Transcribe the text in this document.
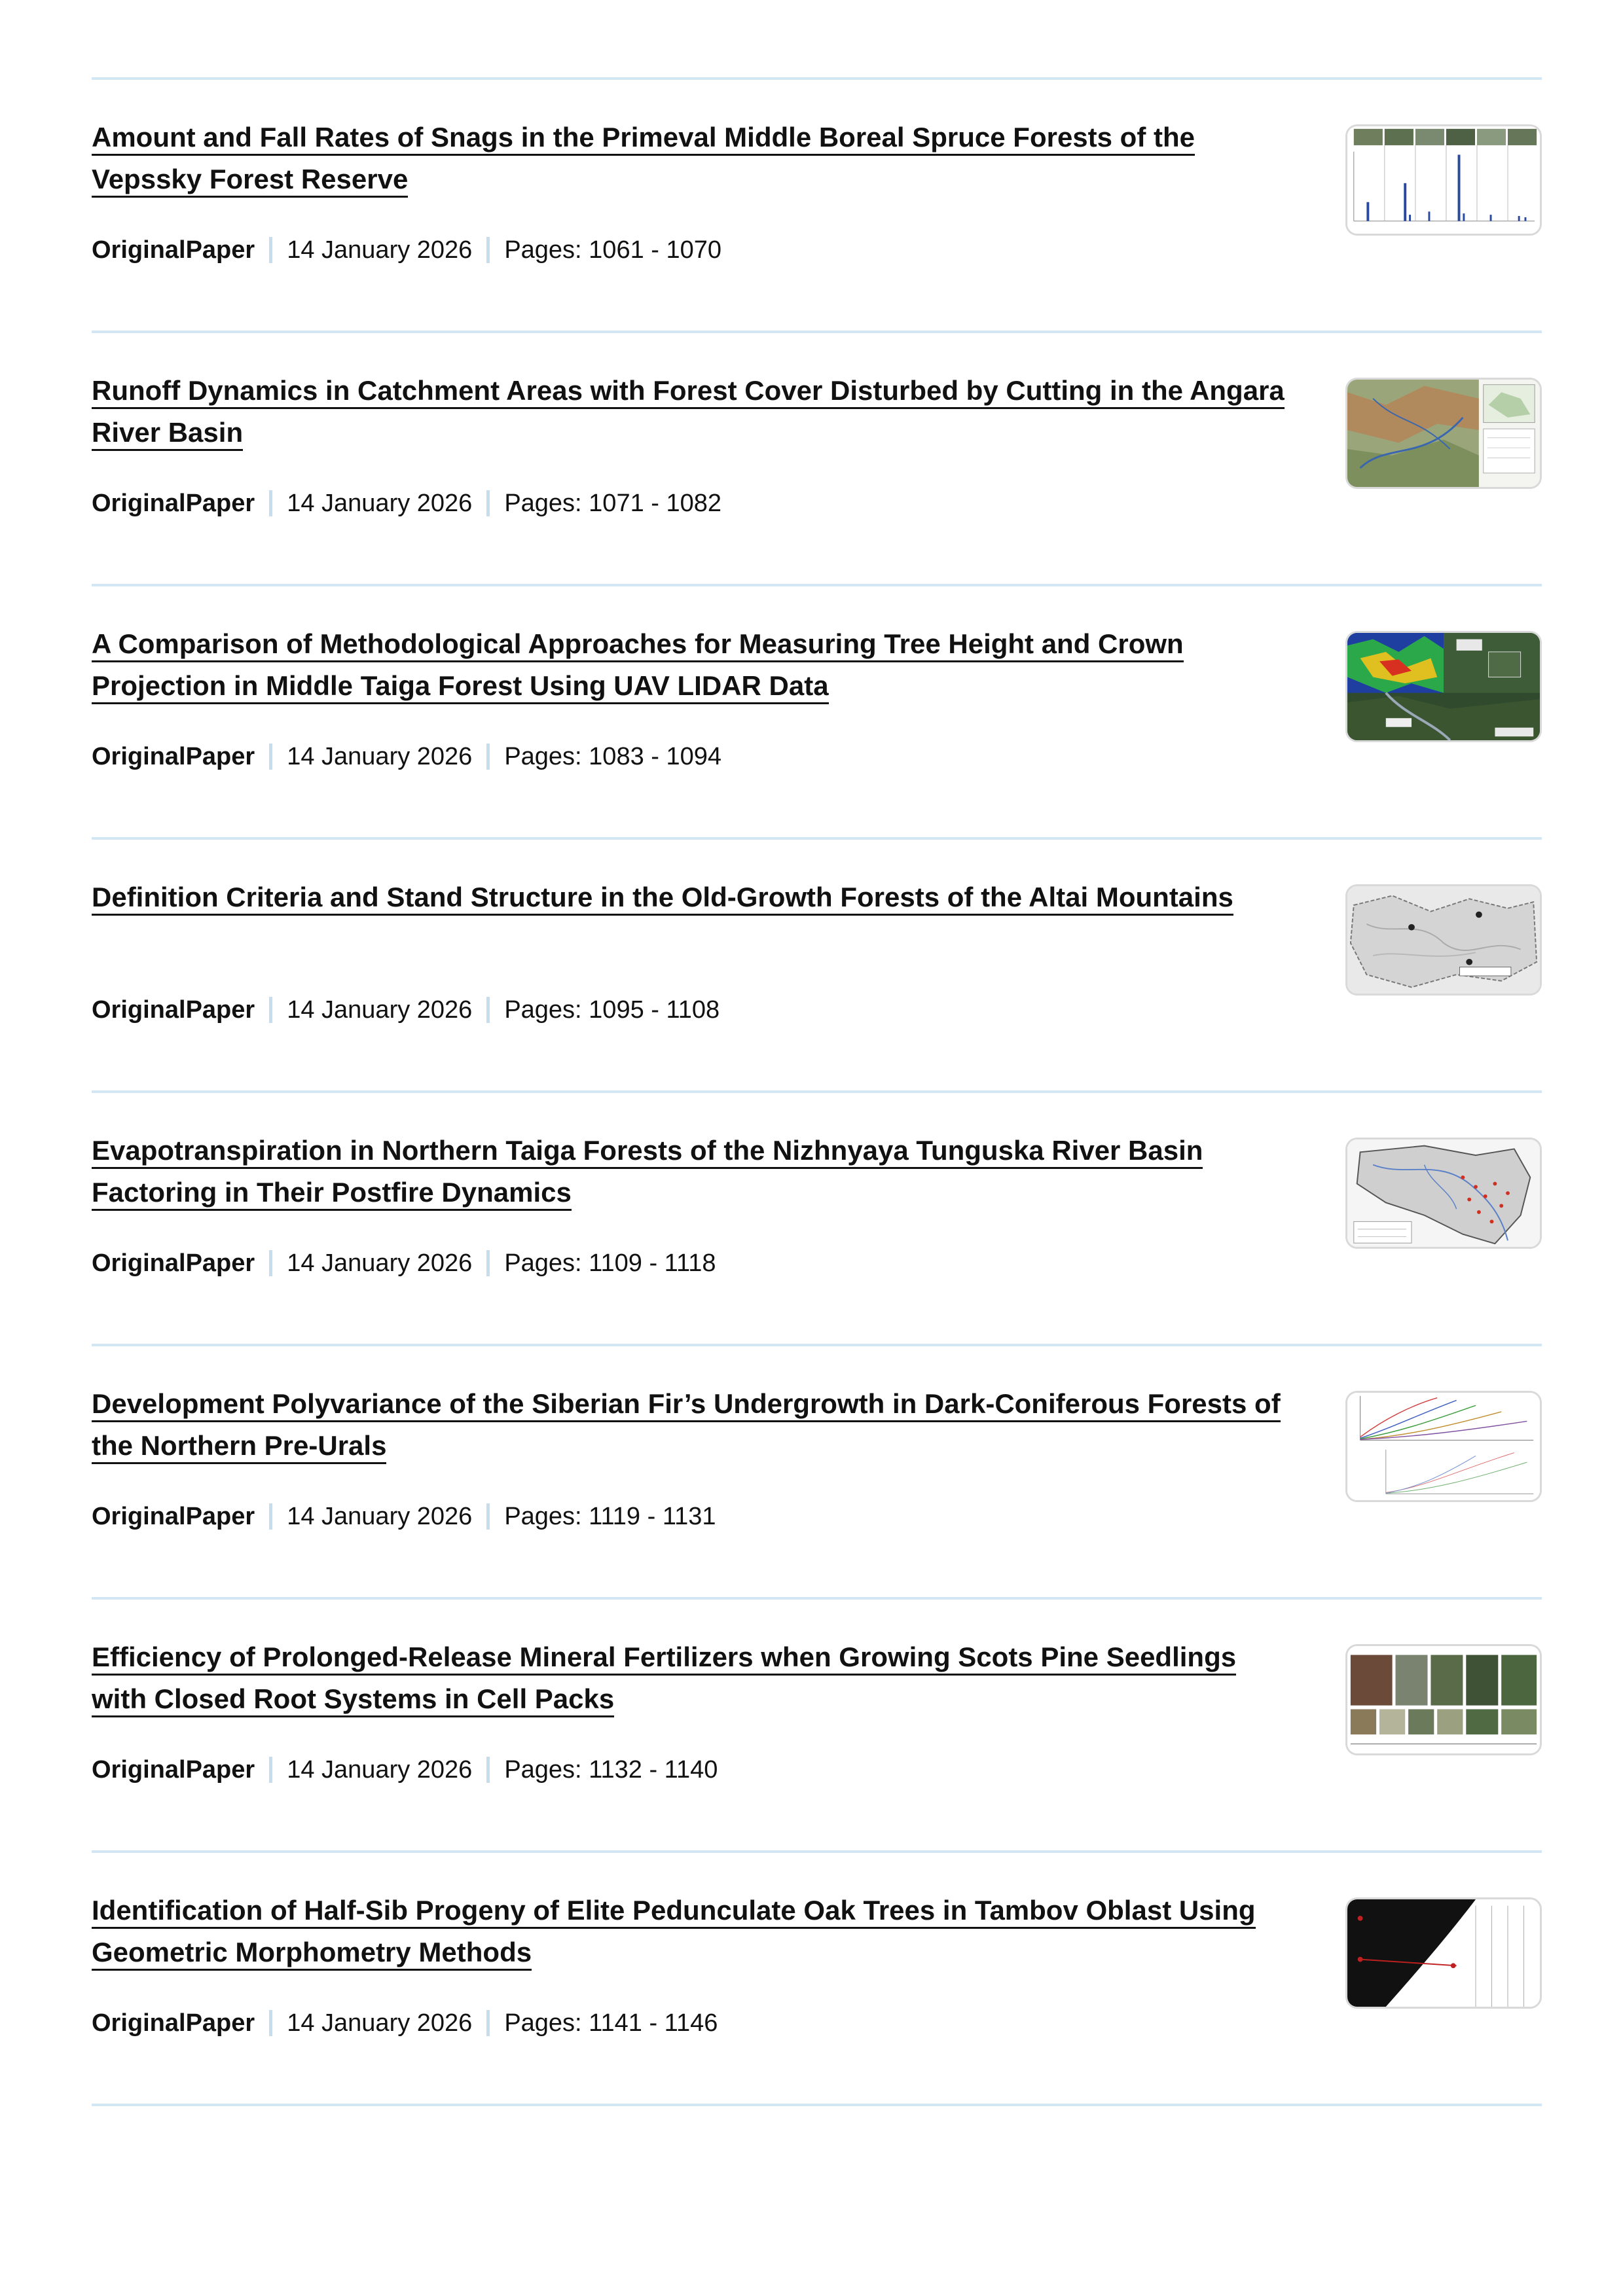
Amount and Fall Rates of Snags in the Primeval Middle Boreal Spruce Forests of the Vepssky Forest Reserve
OriginalPaper 14 January 2026 Pages: 1061 - 1070
Runoff Dynamics in Catchment Areas with Forest Cover Disturbed by Cutting in the Angara River Basin
OriginalPaper 14 January 2026 Pages: 1071 - 1082
A Comparison of Methodological Approaches for Measuring Tree Height and Crown Projection in Middle Taiga Forest Using UAV LIDAR Data
OriginalPaper 14 January 2026 Pages: 1083 - 1094
Definition Criteria and Stand Structure in the Old-Growth Forests of the Altai Mountains
OriginalPaper 14 January 2026 Pages: 1095 - 1108
Evapotranspiration in Northern Taiga Forests of the Nizhnyaya Tunguska River Basin Factoring in Their Postfire Dynamics
OriginalPaper 14 January 2026 Pages: 1109 - 1118
Development Polyvariance of the Siberian Fir’s Undergrowth in Dark-Coniferous Forests of the Northern Pre-Urals
OriginalPaper 14 January 2026 Pages: 1119 - 1131
Efficiency of Prolonged-Release Mineral Fertilizers when Growing Scots Pine Seedlings with Closed Root Systems in Cell Packs
OriginalPaper 14 January 2026 Pages: 1132 - 1140
Identification of Half-Sib Progeny of Elite Pedunculate Oak Trees in Tambov Oblast Using Geometric Morphometry Methods
OriginalPaper 14 January 2026 Pages: 1141 - 1146
